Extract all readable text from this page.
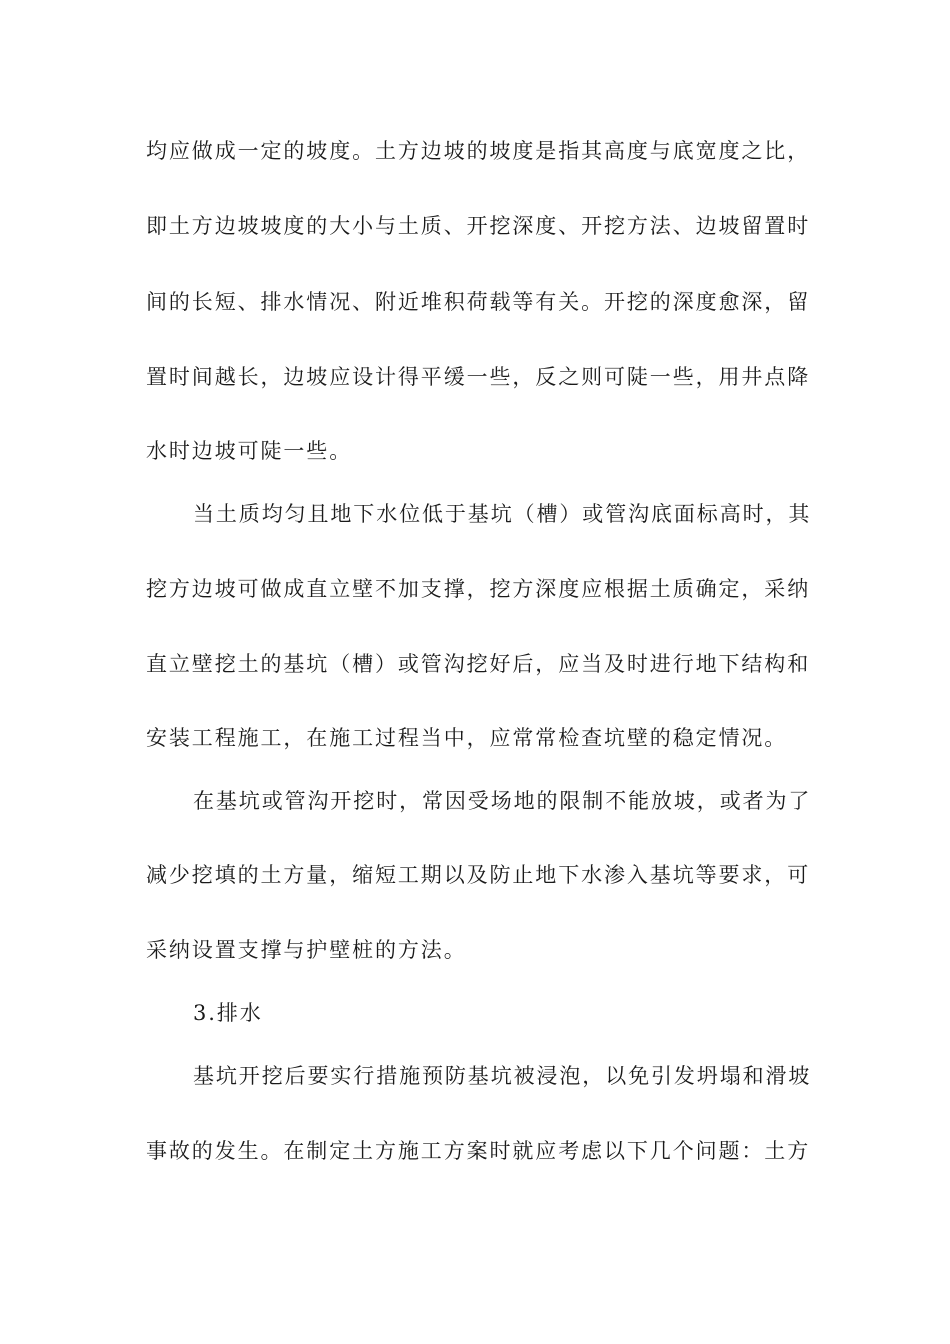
均应做成一定的坡度。土方边坡的坡度是指其高度与底宽度之比，
即土方边坡坡度的大小与土质、开挖深度、开挖方法、边坡留置时
间的长短、排水情况、附近堆积荷载等有关。开挖的深度愈深，留
置时间越长，边坡应设计得平缓一些，反之则可陡一些，用井点降
水时边坡可陡一些。
当土质均匀且地下水位低于基坑（槽）或管沟底面标高时，其
挖方边坡可做成直立壁不加支撑，挖方深度应根据土质确定，采纳
直立壁挖土的基坑（槽）或管沟挖好后，应当及时进行地下结构和
安装工程施工，在施工过程当中，应常常检查坑壁的稳定情况。
在基坑或管沟开挖时，常因受场地的限制不能放坡，或者为了
减少挖填的土方量，缩短工期以及防止地下水渗入基坑等要求，可
采纳设置支撑与护壁桩的方法。
3.排水
基坑开挖后要实行措施预防基坑被浸泡，以免引发坍塌和滑坡
事故的发生。在制定土方施工方案时就应考虑以下几个问题：土方
